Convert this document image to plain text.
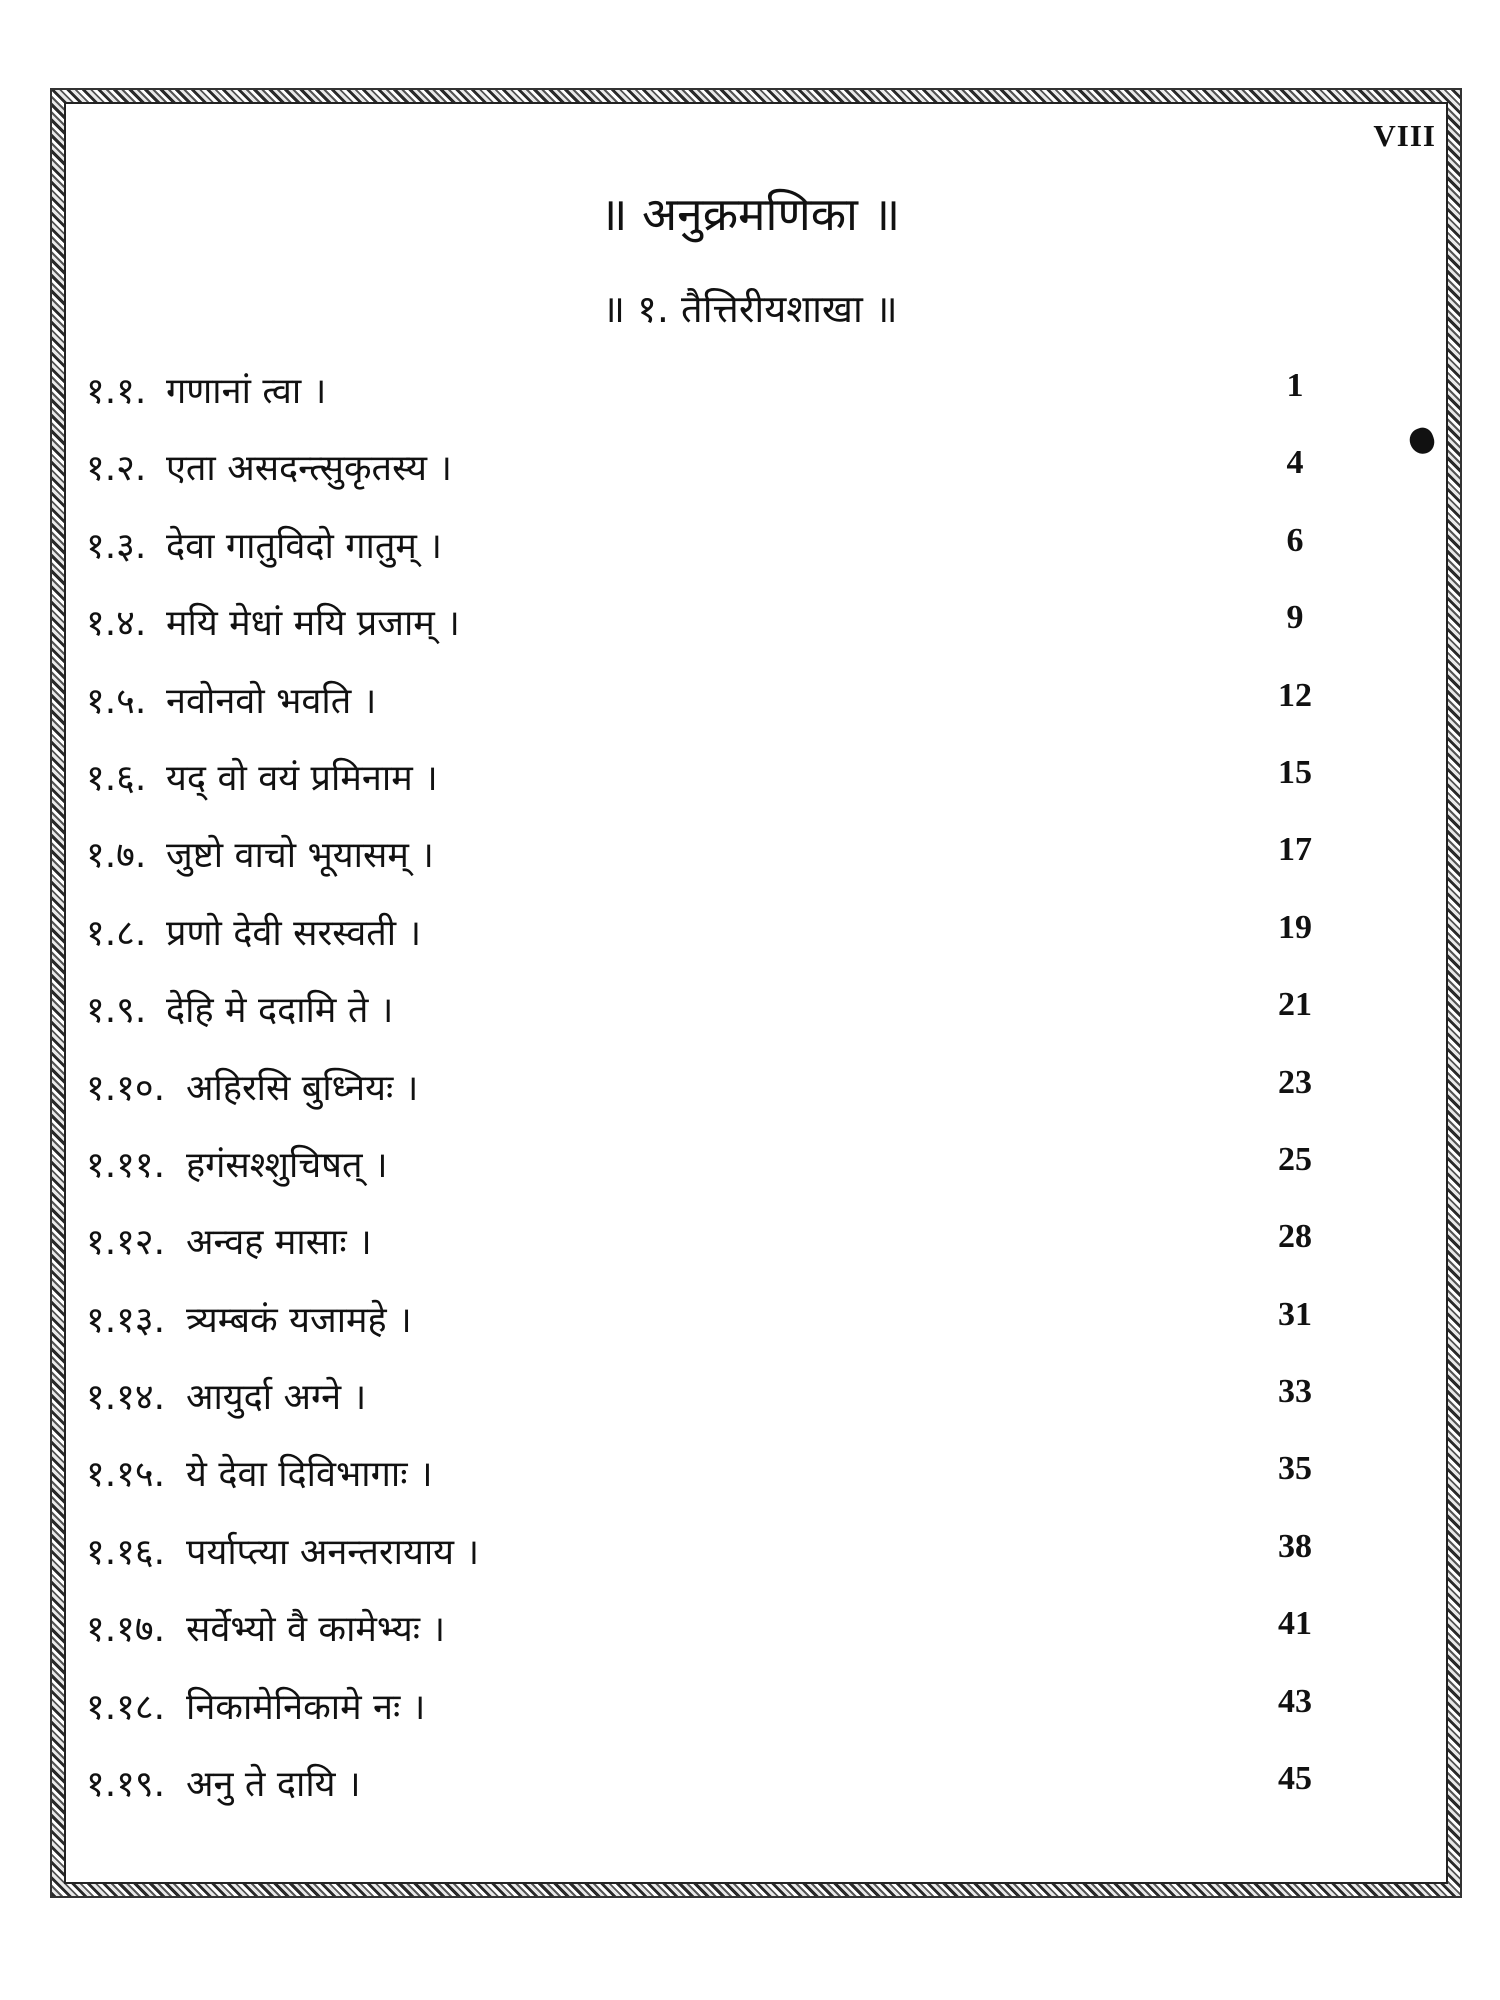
VIII
॥ अनुक्रमणिका ॥
॥ १. तैत्तिरीयशाखा ॥
१.१. गणानां त्वा ।	1
१.२. एता असदन्त्सुकृतस्य ।	4
१.३. देवा गातुविदो गातुम् ।	6
१.४. मयि मेधां मयि प्रजाम् ।	9
१.५. नवोनवो भवति ।	12
१.६. यद् वो वयं प्रमिनाम ।	15
१.७. जुष्टो वाचो भूयासम् ।	17
१.८. प्रणो देवी सरस्वती ।	19
१.९. देहि मे ददामि ते ।	21
१.१०. अहिरसि बुध्नियः ।	23
१.११. हगंसश्शुचिषत् ।	25
१.१२. अन्वह मासाः ।	28
१.१३. त्र्यम्बकं यजामहे ।	31
१.१४. आयुर्दा अग्ने ।	33
१.१५. ये देवा दिविभागाः ।	35
१.१६. पर्याप्त्या अनन्तरायाय ।	38
१.१७. सर्वेभ्यो वै कामेभ्यः ।	41
१.१८. निकामेनिकामे नः ।	43
१.१९. अनु ते दायि ।	45
